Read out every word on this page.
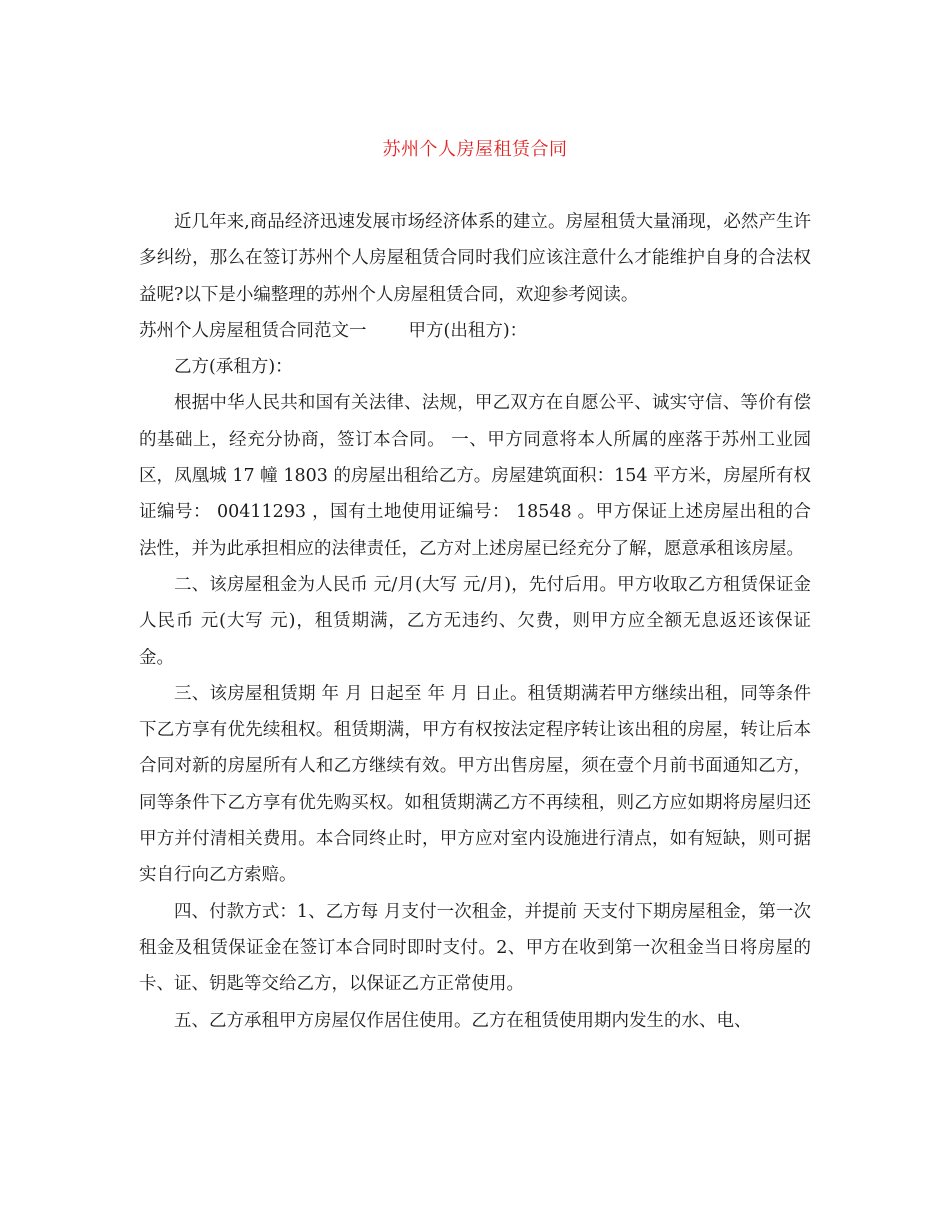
苏州个人房屋租赁合同

近几年来,商品经济迅速发展市场经济体系的建立。房屋租赁大量涌现，必然产生许多纠纷，那么在签订苏州个人房屋租赁合同时我们应该注意什么才能维护自身的合法权益呢?以下是小编整理的苏州个人房屋租赁合同，欢迎参考阅读。

苏州个人房屋租赁合同范文一 甲方(出租方)：

乙方(承租方)：

根据中华人民共和国有关法律、法规，甲乙双方在自愿公平、诚实守信、等价有偿的基础上，经充分协商，签订本合同。 一、甲方同意将本人所属的座落于苏州工业园区，凤凰城 17 幢 1803 的房屋出租给乙方。房屋建筑面积：154 平方米，房屋所有权证编号： 00411293 ，国有土地使用证编号： 18548 。甲方保证上述房屋出租的合法性，并为此承担相应的法律责任，乙方对上述房屋已经充分了解，愿意承租该房屋。

二、该房屋租金为人民币 元/月(大写 元/月)，先付后用。甲方收取乙方租赁保证金人民币 元(大写 元)，租赁期满，乙方无违约、欠费，则甲方应全额无息返还该保证金。

三、该房屋租赁期 年 月 日起至 年 月 日止。租赁期满若甲方继续出租，同等条件下乙方享有优先续租权。租赁期满，甲方有权按法定程序转让该出租的房屋，转让后本合同对新的房屋所有人和乙方继续有效。甲方出售房屋，须在壹个月前书面通知乙方，同等条件下乙方享有优先购买权。如租赁期满乙方不再续租，则乙方应如期将房屋归还甲方并付清相关费用。本合同终止时，甲方应对室内设施进行清点，如有短缺，则可据实自行向乙方索赔。

四、付款方式：1、乙方每 月支付一次租金，并提前 天支付下期房屋租金，第一次租金及租赁保证金在签订本合同时即时支付。2、甲方在收到第一次租金当日将房屋的卡、证、钥匙等交给乙方，以保证乙方正常使用。

五、乙方承租甲方房屋仅作居住使用。乙方在租赁使用期内发生的水、电、
